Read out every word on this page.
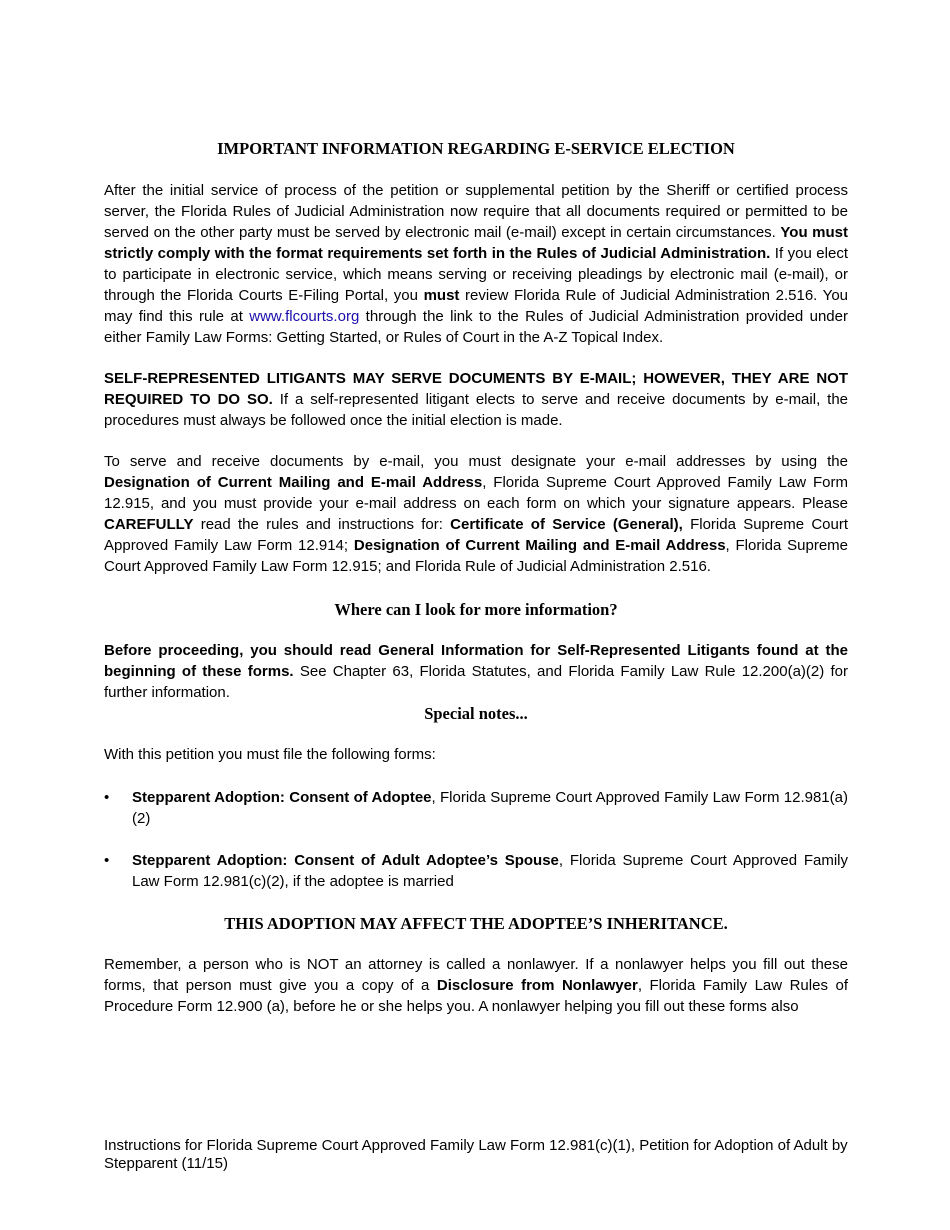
IMPORTANT INFORMATION REGARDING E-SERVICE ELECTION

After the initial service of process of the petition or supplemental petition by the Sheriff or certified process server, the Florida Rules of Judicial Administration now require that all documents required or permitted to be served on the other party must be served by electronic mail (e-mail) except in certain circumstances. You must strictly comply with the format requirements set forth in the Rules of Judicial Administration. If you elect to participate in electronic service, which means serving or receiving pleadings by electronic mail (e-mail), or through the Florida Courts E-Filing Portal, you must review Florida Rule of Judicial Administration 2.516. You may find this rule at www.flcourts.org through the link to the Rules of Judicial Administration provided under either Family Law Forms: Getting Started, or Rules of Court in the A-Z Topical Index.

SELF-REPRESENTED LITIGANTS MAY SERVE DOCUMENTS BY E-MAIL; HOWEVER, THEY ARE NOT REQUIRED TO DO SO. If a self-represented litigant elects to serve and receive documents by e-mail, the procedures must always be followed once the initial election is made.

To serve and receive documents by e-mail, you must designate your e-mail addresses by using the Designation of Current Mailing and E-mail Address, Florida Supreme Court Approved Family Law Form 12.915, and you must provide your e-mail address on each form on which your signature appears. Please CAREFULLY read the rules and instructions for: Certificate of Service (General), Florida Supreme Court Approved Family Law Form 12.914; Designation of Current Mailing and E-mail Address, Florida Supreme Court Approved Family Law Form 12.915; and Florida Rule of Judicial Administration 2.516.

Where can I look for more information?

Before proceeding, you should read General Information for Self-Represented Litigants found at the beginning of these forms. See Chapter 63, Florida Statutes, and Florida Family Law Rule 12.200(a)(2) for further information.

Special notes...

With this petition you must file the following forms:

• Stepparent Adoption: Consent of Adoptee, Florida Supreme Court Approved Family Law Form 12.981(a)(2)
• Stepparent Adoption: Consent of Adult Adoptee’s Spouse, Florida Supreme Court Approved Family Law Form 12.981(c)(2), if the adoptee is married
THIS ADOPTION MAY AFFECT THE ADOPTEE’S INHERITANCE.

Remember, a person who is NOT an attorney is called a nonlawyer. If a nonlawyer helps you fill out these forms, that person must give you a copy of a Disclosure from Nonlawyer, Florida Family Law Rules of Procedure Form 12.900 (a), before he or she helps you. A nonlawyer helping you fill out these forms also

Instructions for Florida Supreme Court Approved Family Law Form 12.981(c)(1), Petition for Adoption of Adult by Stepparent (11/15)
